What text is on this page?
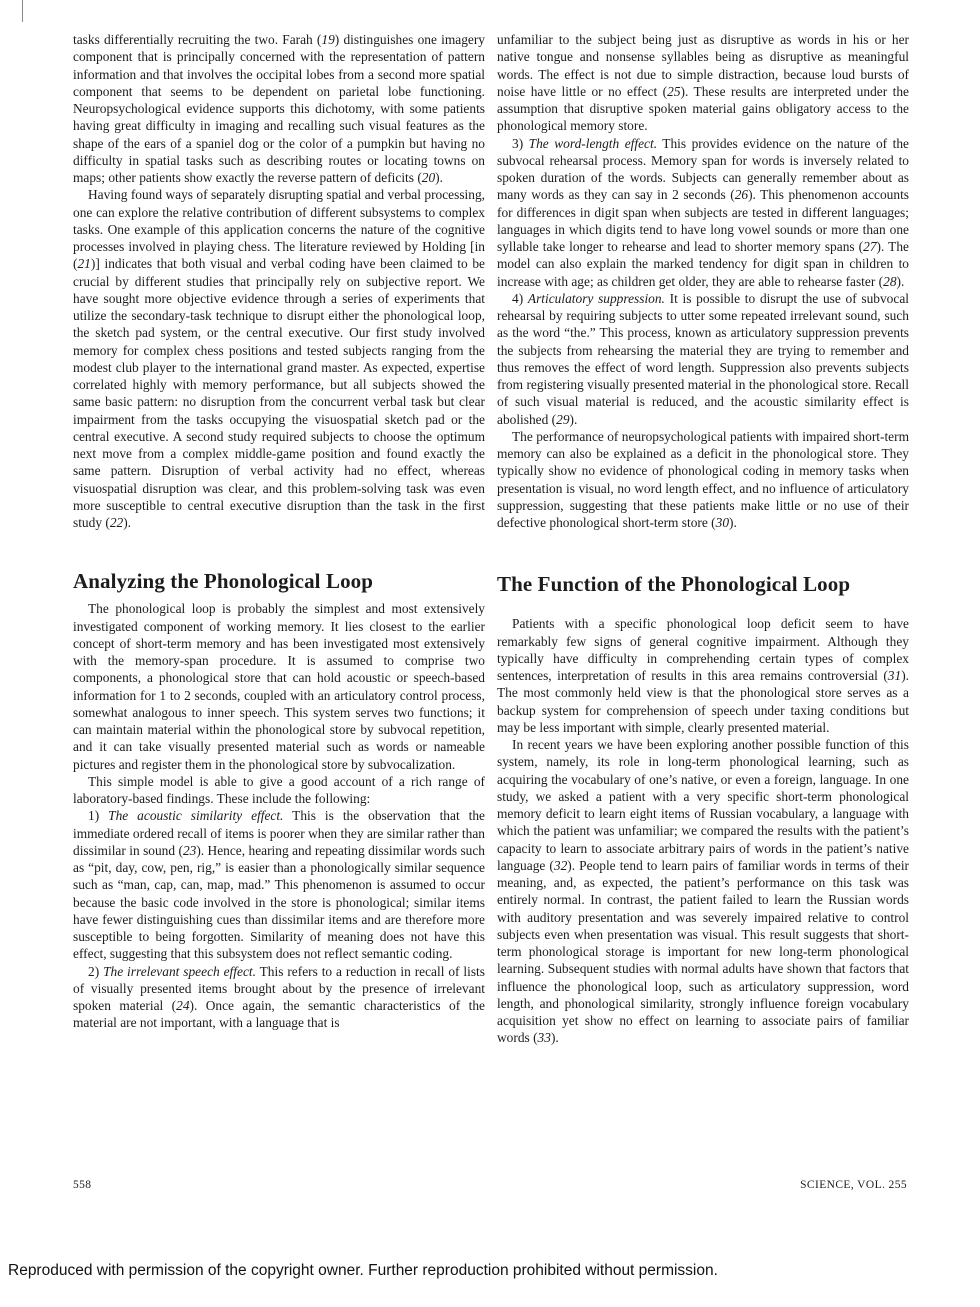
tasks differentially recruiting the two. Farah (19) distinguishes one imagery component that is principally concerned with the representation of pattern information and that involves the occipital lobes from a second more spatial component that seems to be dependent on parietal lobe functioning. Neuropsychological evidence supports this dichotomy, with some patients having great difficulty in imaging and recalling such visual features as the shape of the ears of a spaniel dog or the color of a pumpkin but having no difficulty in spatial tasks such as describing routes or locating towns on maps; other patients show exactly the reverse pattern of deficits (20).

Having found ways of separately disrupting spatial and verbal processing, one can explore the relative contribution of different subsystems to complex tasks. One example of this application concerns the nature of the cognitive processes involved in playing chess. The literature reviewed by Holding [in (21)] indicates that both visual and verbal coding have been claimed to be crucial by different studies that principally rely on subjective report. We have sought more objective evidence through a series of experiments that utilize the secondary-task technique to disrupt either the phonological loop, the sketch pad system, or the central executive. Our first study involved memory for complex chess positions and tested subjects ranging from the modest club player to the international grand master. As expected, expertise correlated highly with memory performance, but all subjects showed the same basic pattern: no disruption from the concurrent verbal task but clear impairment from the tasks occupying the visuospatial sketch pad or the central executive. A second study required subjects to choose the optimum next move from a complex middle-game position and found exactly the same pattern. Disruption of verbal activity had no effect, whereas visuospatial disruption was clear, and this problem-solving task was even more susceptible to central executive disruption than the task in the first study (22).

Analyzing the Phonological Loop

The phonological loop is probably the simplest and most extensively investigated component of working memory. It lies closest to the earlier concept of short-term memory and has been investigated most extensively with the memory-span procedure. It is assumed to comprise two components, a phonological store that can hold acoustic or speech-based information for 1 to 2 seconds, coupled with an articulatory control process, somewhat analogous to inner speech. This system serves two functions; it can maintain material within the phonological store by subvocal repetition, and it can take visually presented material such as words or nameable pictures and register them in the phonological store by subvocalization.

This simple model is able to give a good account of a rich range of laboratory-based findings. These include the following:

1) The acoustic similarity effect. This is the observation that the immediate ordered recall of items is poorer when they are similar rather than dissimilar in sound (23). Hence, hearing and repeating dissimilar words such as “pit, day, cow, pen, rig,” is easier than a phonologically similar sequence such as “man, cap, can, map, mad.” This phenomenon is assumed to occur because the basic code involved in the store is phonological; similar items have fewer distinguishing cues than dissimilar items and are therefore more susceptible to being forgotten. Similarity of meaning does not have this effect, suggesting that this subsystem does not reflect semantic coding.

2) The irrelevant speech effect. This refers to a reduction in recall of lists of visually presented items brought about by the presence of irrelevant spoken material (24). Once again, the semantic characteristics of the material are not important, with a language that is

unfamiliar to the subject being just as disruptive as words in his or her native tongue and nonsense syllables being as disruptive as meaningful words. The effect is not due to simple distraction, because loud bursts of noise have little or no effect (25). These results are interpreted under the assumption that disruptive spoken material gains obligatory access to the phonological memory store.

3) The word-length effect. This provides evidence on the nature of the subvocal rehearsal process. Memory span for words is inversely related to spoken duration of the words. Subjects can generally remember about as many words as they can say in 2 seconds (26). This phenomenon accounts for differences in digit span when subjects are tested in different languages; languages in which digits tend to have long vowel sounds or more than one syllable take longer to rehearse and lead to shorter memory spans (27). The model can also explain the marked tendency for digit span in children to increase with age; as children get older, they are able to rehearse faster (28).

4) Articulatory suppression. It is possible to disrupt the use of subvocal rehearsal by requiring subjects to utter some repeated irrelevant sound, such as the word “the.” This process, known as articulatory suppression prevents the subjects from rehearsing the material they are trying to remember and thus removes the effect of word length. Suppression also prevents subjects from registering visually presented material in the phonological store. Recall of such visual material is reduced, and the acoustic similarity effect is abolished (29).

The performance of neuropsychological patients with impaired short-term memory can also be explained as a deficit in the phonological store. They typically show no evidence of phonological coding in memory tasks when presentation is visual, no word length effect, and no influence of articulatory suppression, suggesting that these patients make little or no use of their defective phonological short-term store (30).

The Function of the Phonological Loop

Patients with a specific phonological loop deficit seem to have remarkably few signs of general cognitive impairment. Although they typically have difficulty in comprehending certain types of complex sentences, interpretation of results in this area remains controversial (31). The most commonly held view is that the phonological store serves as a backup system for comprehension of speech under taxing conditions but may be less important with simple, clearly presented material.

In recent years we have been exploring another possible function of this system, namely, its role in long-term phonological learning, such as acquiring the vocabulary of one’s native, or even a foreign, language. In one study, we asked a patient with a very specific short-term phonological memory deficit to learn eight items of Russian vocabulary, a language with which the patient was unfamiliar; we compared the results with the patient’s capacity to learn to associate arbitrary pairs of words in the patient’s native language (32). People tend to learn pairs of familiar words in terms of their meaning, and, as expected, the patient’s performance on this task was entirely normal. In contrast, the patient failed to learn the Russian words with auditory presentation and was severely impaired relative to control subjects even when presentation was visual. This result suggests that short-term phonological storage is important for new long-term phonological learning. Subsequent studies with normal adults have shown that factors that influence the phonological loop, such as articulatory suppression, word length, and phonological similarity, strongly influence foreign vocabulary acquisition yet show no effect on learning to associate pairs of familiar words (33).

558	SCIENCE, VOL. 255
Reproduced with permission of the copyright owner. Further reproduction prohibited without permission.
